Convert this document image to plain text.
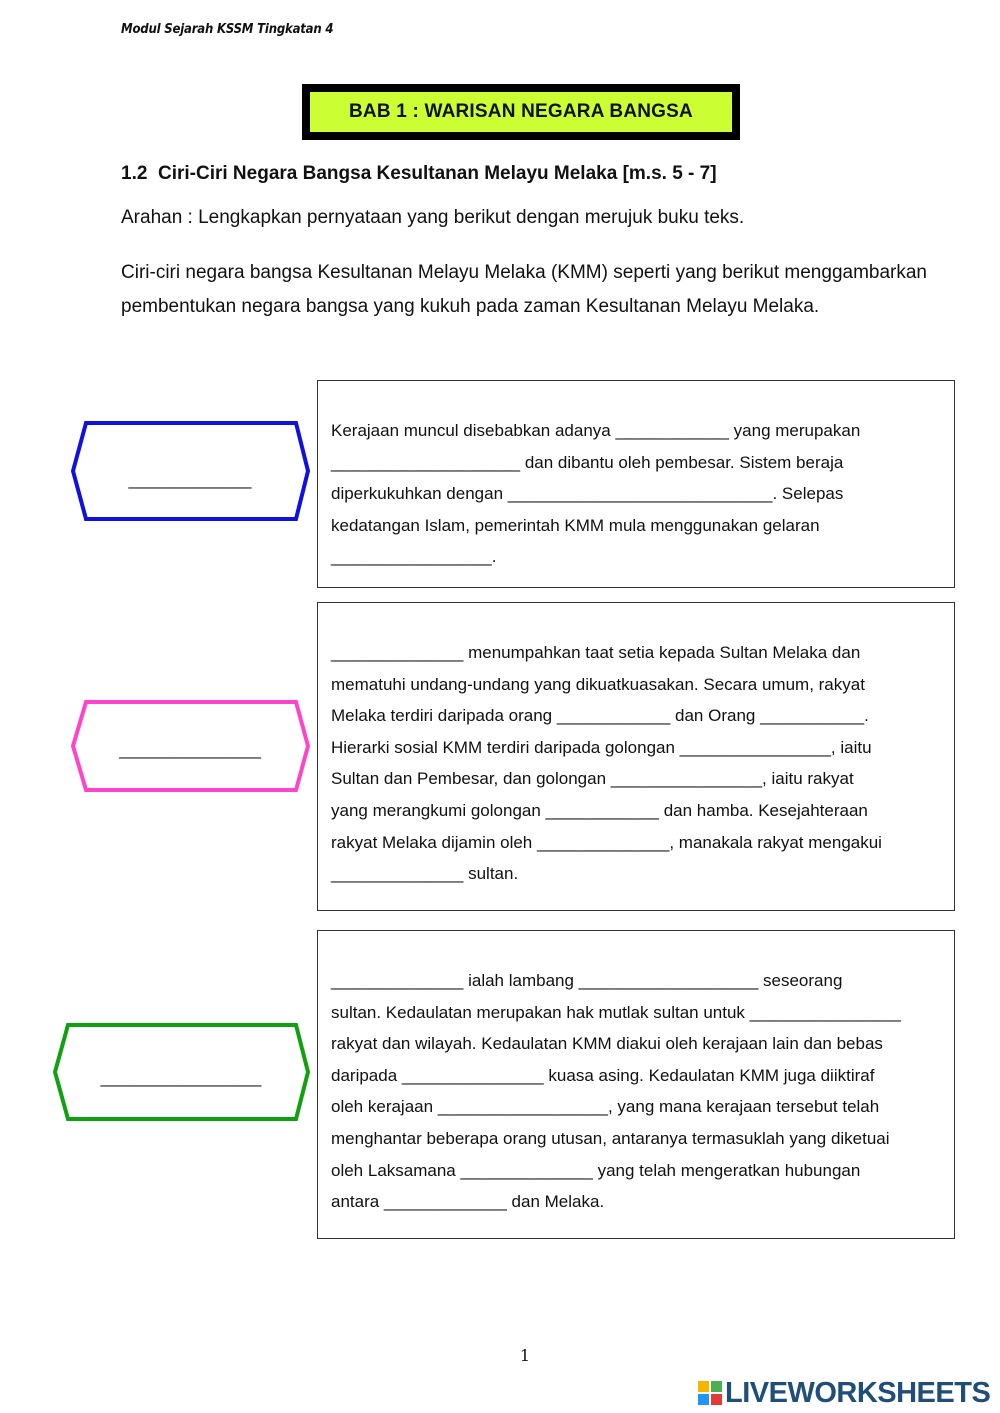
Modul Sejarah KSSM Tingkatan 4
BAB 1 : WARISAN NEGARA BANGSA
1.2  Ciri-Ciri Negara Bangsa Kesultanan Melayu Melaka [m.s. 5 - 7]
Arahan : Lengkapkan pernyataan yang berikut dengan merujuk buku teks.
Ciri-ciri negara bangsa Kesultanan Melayu Melaka (KMM) seperti yang berikut menggambarkan pembentukan negara bangsa yang kukuh pada zaman Kesultanan Melayu Melaka.
_____________

Kerajaan muncul disebabkan adanya ____________ yang merupakan

____________________ dan dibantu oleh pembesar. Sistem beraja

diperkukuhkan dengan ____________________________. Selepas

kedatangan Islam, pemerintah KMM mula menggunakan gelaran

_________________.

_______________

______________ menumpahkan taat setia kepada Sultan Melaka dan

mematuhi undang-undang yang dikuatkuasakan. Secara umum, rakyat

Melaka terdiri daripada orang ____________ dan Orang ___________.

Hierarki sosial KMM terdiri daripada golongan ________________, iaitu

Sultan dan Pembesar, dan golongan ________________, iaitu rakyat

yang merangkumi golongan ____________ dan hamba. Kesejahteraan

rakyat Melaka dijamin oleh ______________, manakala rakyat mengakui

______________ sultan.

_________________

______________ ialah lambang ___________________ seseorang

sultan. Kedaulatan merupakan hak mutlak sultan untuk ________________

rakyat dan wilayah. Kedaulatan KMM diakui oleh kerajaan lain dan bebas

daripada _______________ kuasa asing. Kedaulatan KMM juga diiktiraf

oleh kerajaan __________________, yang mana kerajaan tersebut telah

menghantar beberapa orang utusan, antaranya termasuklah yang diketuai

oleh Laksamana ______________ yang telah mengeratkan hubungan

antara _____________ dan Melaka.

1
LIVEWORKSHEETS
